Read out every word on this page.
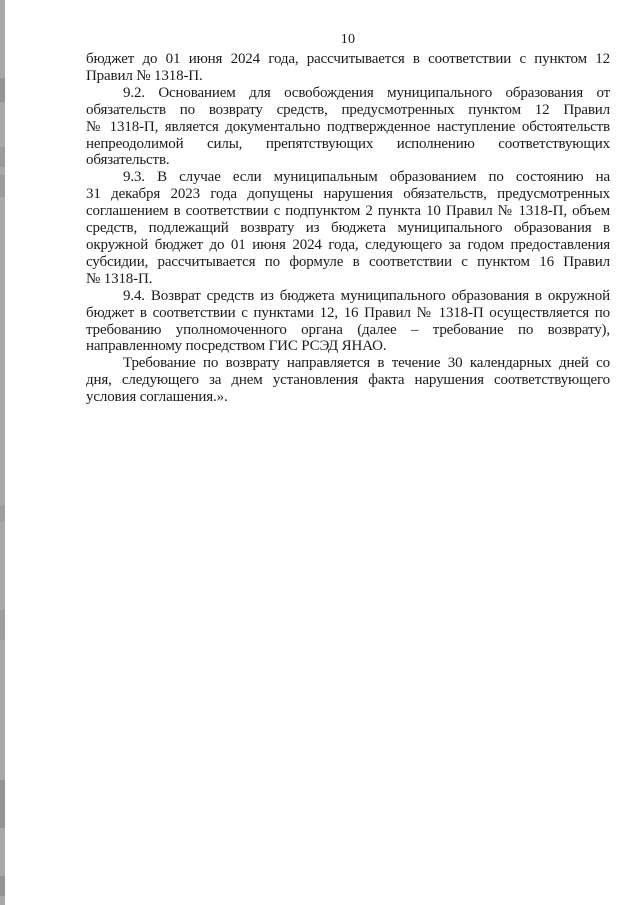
10
бюджет до 01 июня 2024 года, рассчитывается в соответствии с пунктом 12
Правил № 1318-П.
9.2. Основанием для освобождения муниципального образования от
обязательств по возврату средств, предусмотренных пунктом 12 Правил
№ 1318-П, является документально подтвержденное наступление обстоятельств
непреодолимой силы, препятствующих исполнению соответствующих
обязательств.
9.3. В случае если муниципальным образованием по состоянию на
31 декабря 2023 года допущены нарушения обязательств, предусмотренных
соглашением в соответствии с подпунктом 2 пункта 10 Правил № 1318-П, объем
средств, подлежащий возврату из бюджета муниципального образования в
окружной бюджет до 01 июня 2024 года, следующего за годом предоставления
субсидии, рассчитывается по формуле в соответствии с пунктом 16 Правил
№ 1318-П.
9.4. Возврат средств из бюджета муниципального образования в окружной
бюджет в соответствии с пунктами 12, 16 Правил № 1318-П осуществляется по
требованию уполномоченного органа (далее – требование по возврату),
направленному посредством ГИС РСЭД ЯНАО.
Требование по возврату направляется в течение 30 календарных дней со
дня, следующего за днем установления факта нарушения соответствующего
условия соглашения.».
